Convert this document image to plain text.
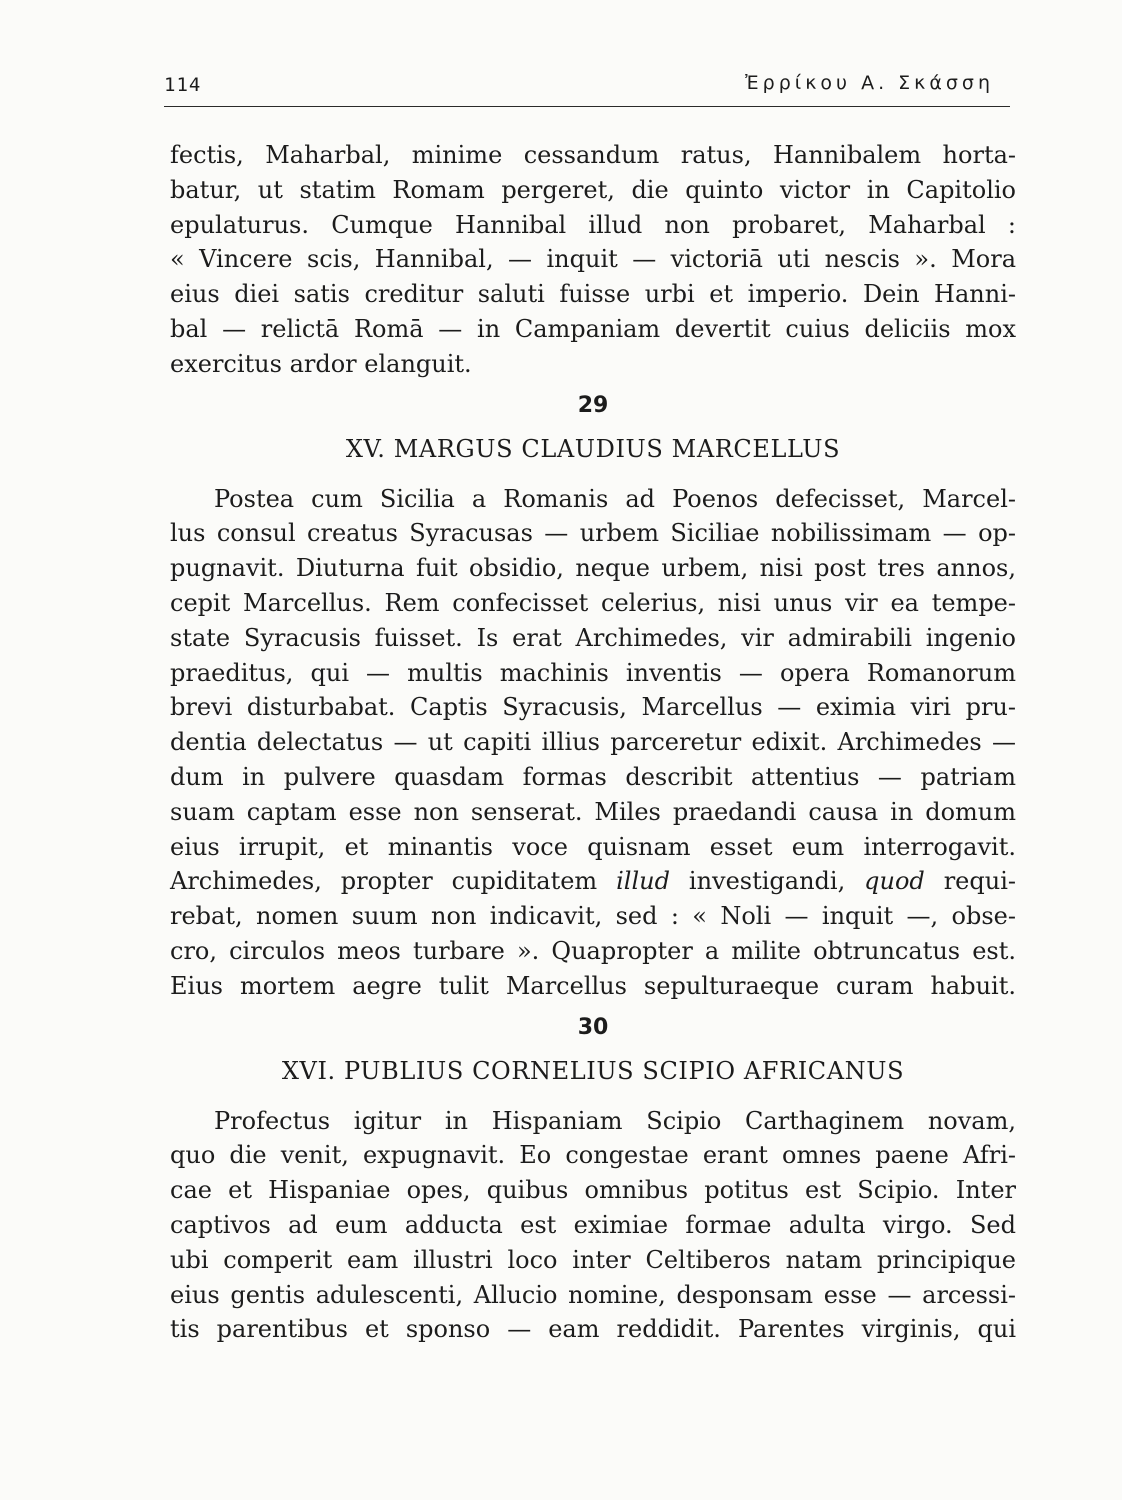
114	Ἐρρίκου Α. Σκάσση
fectis, Maharbal, minime cessandum ratus, Hannibalem horta-
batur, ut statim Romam pergeret, die quinto victor in Capitolio
epulaturus. Cumque Hannibal illud non probaret, Maharbal :
« Vincere scis, Hannibal, — inquit — victoriā uti nescis ». Mora
eius diei satis creditur saluti fuisse urbi et imperio. Dein Hanni-
bal — relictā Romā — in Campaniam devertit cuius deliciis mox
exercitus ardor elanguit.
29
XV. MARGUS CLAUDIUS MARCELLUS
Postea cum Sicilia a Romanis ad Poenos defecisset, Marcel-
lus consul creatus Syracusas — urbem Siciliae nobilissimam — op-
pugnavit. Diuturna fuit obsidio, neque urbem, nisi post tres annos,
cepit Marcellus. Rem confecisset celerius, nisi unus vir ea tempe-
state Syracusis fuisset. Is erat Archimedes, vir admirabili ingenio
praeditus, qui — multis machinis inventis — opera Romanorum
brevi disturbabat. Captis Syracusis, Marcellus — eximia viri pru-
dentia delectatus — ut capiti illius parceretur edixit. Archimedes —
dum in pulvere quasdam formas describit attentius — patriam
suam captam esse non senserat. Miles praedandi causa in domum
eius irrupit, et minantis voce quisnam esset eum interrogavit.
Archimedes, propter cupiditatem illud investigandi, quod requi-
rebat, nomen suum non indicavit, sed : « Noli — inquit —, obse-
cro, circulos meos turbare ». Quapropter a milite obtruncatus est.
Eius mortem aegre tulit Marcellus sepulturaeque curam habuit.
30
XVI. PUBLIUS CORNELIUS SCIPIO AFRICANUS
Profectus igitur in Hispaniam Scipio Carthaginem novam,
quo die venit, expugnavit. Eo congestae erant omnes paene Afri-
cae et Hispaniae opes, quibus omnibus potitus est Scipio. Inter
captivos ad eum adducta est eximiae formae adulta virgo. Sed
ubi comperit eam illustri loco inter Celtiberos natam principique
eius gentis adulescenti, Allucio nomine, desponsam esse — arcessi-
tis parentibus et sponso — eam reddidit. Parentes virginis, qui
